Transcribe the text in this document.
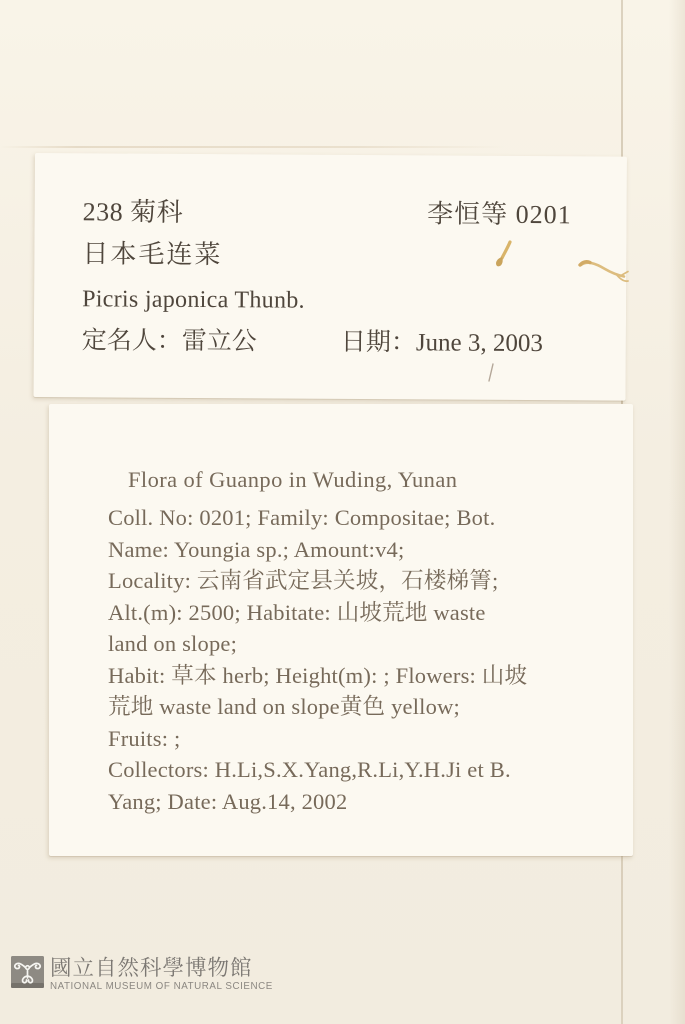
238 菊科	李恒等 0201
日本毛连菜
Picris japonica Thunb.
定名人：雷立公	日期：June 3, 2003
Flora of Guanpo in Wuding, Yunan
Coll. No: 0201; Family: Compositae; Bot.
Name: Youngia sp.; Amount:v4;
Locality: 云南省武定县关坡，石楼梯箐;
Alt.(m): 2500; Habitate: 山坡荒地 waste
land on slope;
Habit: 草本 herb; Height(m): ; Flowers: 山坡
荒地 waste land on slope黄色 yellow;
Fruits: ;
Collectors: H.Li,S.X.Yang,R.Li,Y.H.Ji et B.
Yang; Date: Aug.14, 2002
國立自然科學博物館
NATIONAL MUSEUM OF NATURAL SCIENCE
